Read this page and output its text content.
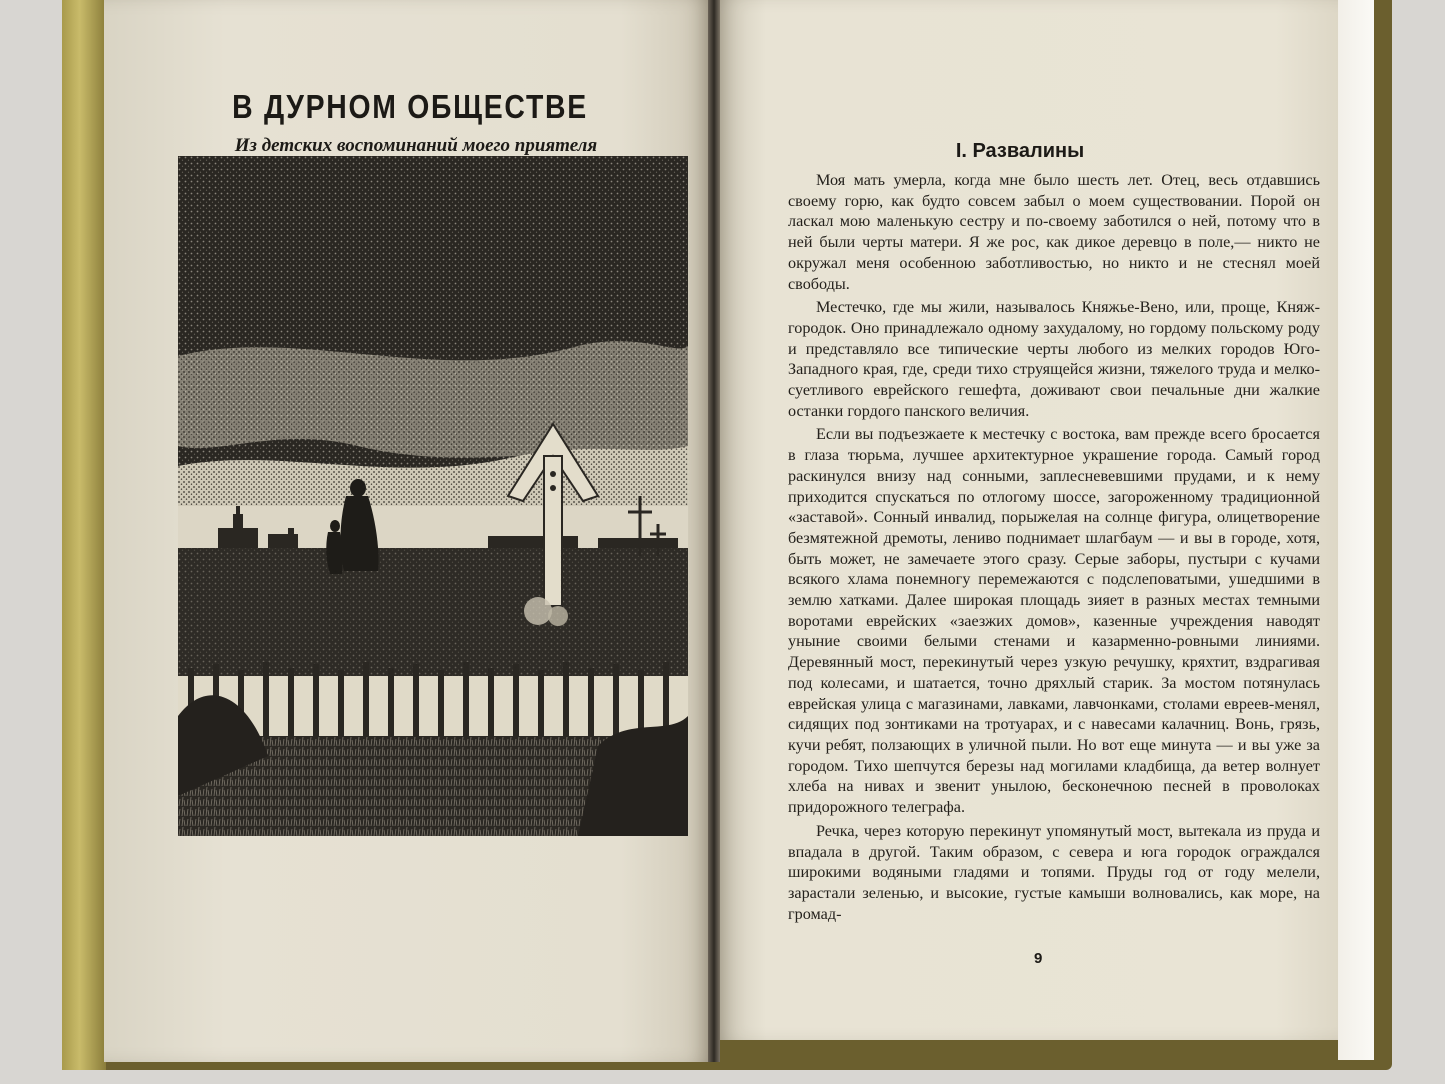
В ДУРНОМ ОБЩЕСТВЕ
Из детских воспоминаний моего приятеля	I. Развалины

Моя мать умерла, когда мне было шесть лет. Отец, весь отдавшись своему горю, как будто совсем забыл о моем существовании. Порой он ласкал мою маленькую сестру и по-своему заботился о ней, потому что в ней были черты матери. Я же рос, как дикое деревцо в поле,— никто не окружал меня особенною заботливостью, но никто и не стеснял моей свободы.

Местечко, где мы жили, называлось Княжье-Вено, или, проще, Княж-городок. Оно принадлежало одному захудалому, но гордому польскому роду и представляло все типические черты любого из мелких городов Юго-Западного края, где, среди тихо струящейся жизни, тяжелого труда и мелко-суетливого еврейского гешефта, доживают свои печальные дни жалкие останки гордого панского величия.

Если вы подъезжаете к местечку с востока, вам прежде всего бросается в глаза тюрьма, лучшее архитектурное украшение города. Самый город раскинулся внизу над сонными, заплесневевшими прудами, и к нему приходится спускаться по отлогому шоссе, загороженному традиционной «заставой». Сонный инвалид, порыжелая на солнце фигура, олицетворение безмятежной дремоты, лениво поднимает шлагбаум — и вы в городе, хотя, быть может, не замечаете этого сразу. Серые заборы, пустыри с кучами всякого хлама понемногу перемежаются с подслеповатыми, ушедшими в землю хатками. Далее широкая площадь зияет в разных местах темными воротами еврейских «заезжих домов», казенные учреждения наводят уныние своими белыми стенами и казарменно-ровными линиями. Деревянный мост, перекинутый через узкую речушку, кряхтит, вздрагивая под колесами, и шатается, точно дряхлый старик. За мостом потянулась еврейская улица с магазинами, лавками, лавчонками, столами евреев-менял, сидящих под зонтиками на тротуарах, и с навесами калачниц. Вонь, грязь, кучи ребят, ползающих в уличной пыли. Но вот еще минута — и вы уже за городом. Тихо шепчутся березы над могилами кладбища, да ветер волнует хлеба на нивах и звенит унылою, бесконечною песней в проволоках придорожного телеграфа.

Речка, через которую перекинут упомянутый мост, вытекала из пруда и впадала в другой. Таким образом, с севера и юга городок ограждался широкими водяными гладями и топями. Пруды год от году мелели, зарастали зеленью, и высокие, густые камыши волновались, как море, на громад-

9
